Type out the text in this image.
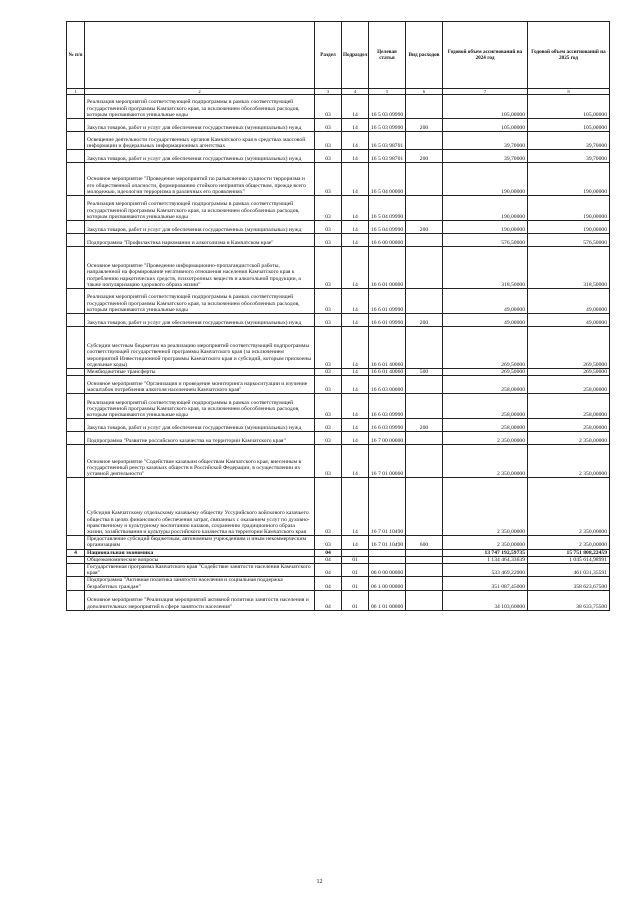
№ п/п		Раздел	Подраздел	Целевая статья	Вид расходов	Годовой объем ассигнований на 2024 год	Годовой объем ассигнований на 2025 год
1	2	3	4	5	6	7	8
	Реализация мероприятий соответствующей подпрограммы в рамках соответствующей государственной программы Камчатского края, за исключением обособленных расходов, которым присваиваются уникальные коды	03	14	16 5 03 09990		105,00000	105,00000
	Закупка товаров, работ и услуг для обеспечения государственных (муниципальных) нужд	03	14	16 5 03 09990	200	105,00000	105,00000
	Освещение деятельности государственных органов Камчатского края в средствах массовой информации и федеральных информационных агентствах	03	14	16 5 03 98701		39,70000	39,70000
	Закупка товаров, работ и услуг для обеспечения государственных (муниципальных) нужд	03	14	16 5 03 98701	200	39,70000	39,70000
	Основное мероприятие "Проведение мероприятий по разъяснению сущности терроризма и его общественной опасности, формированию стойкого неприятия обществом, прежде всего молодежью, идеологии терроризма в различных его проявлениях"	03	14	16 5 04 00000		190,00000	190,00000
	Реализация мероприятий соответствующей подпрограммы в рамках соответствующей государственной программы Камчатского края, за исключением обособленных расходов, которым присваиваются уникальные коды	03	14	16 5 04 09990		190,00000	190,00000
	Закупка товаров, работ и услуг для обеспечения государственных (муниципальных) нужд	03	14	16 5 04 09990	200	190,00000	190,00000
	Подпрограмма "Профилактика наркомании и алкоголизма в Камчатском крае"	03	14	16 6 00 00000		576,50000	576,50000
	Основное мероприятие "Проведение информационно-пропагандистской работы, направленной на формирование негативного отношения населения Камчатского края к потреблению наркотических средств, психотропных веществ и алкогольной продукции, а также популяризацию здорового образа жизни"	03	14	16 6 01 00000		318,50000	318,50000
	Реализация мероприятий соответствующей подпрограммы в рамках соответствующей государственной программы Камчатского края, за исключением обособленных расходов, которым присваиваются уникальные коды	03	14	16 6 01 09990		49,00000	49,00000
	Закупка товаров, работ и услуг для обеспечения государственных (муниципальных) нужд	03	14	16 6 01 09990	200	49,00000	49,00000
	Субсидии местным бюджетам на реализацию мероприятий соответствующей подпрограммы соответствующей государственной программы Камчатского края (за исключением мероприятий Инвестиционной программы Камчатского края и субсидий, которым присвоены отдельные коды)	03	14	16 6 01 40060		269,50000	269,50000
	Межбюджетные трансферты	03	14	16 6 01 40060	500	269,50000	269,50000
	Основное мероприятие "Организация и проведение мониторинга наркоситуации и изучение масштабов потребления алкоголя населением Камчатского края"	03	14	16 6 03 00000		258,00000	258,00000
	Реализация мероприятий соответствующей подпрограммы в рамках соответствующей государственной программы Камчатского края, за исключением обособленных расходов, которым присваиваются уникальные коды	03	14	16 6 03 09990		258,00000	258,00000
	Закупка товаров, работ и услуг для обеспечения государственных (муниципальных) нужд	03	14	16 6 03 09990	200	258,00000	258,00000
	Подпрограмма "Развитие российского казачества на территории Камчатского края"	03	14	16 7 00 00000		2 350,00000	2 350,00000
	Основное мероприятие "Содействие казачьим обществам Камчатского края, внесенным в государственный реестр казачьих обществ в Российской Федерации, в осуществлении их уставной деятельности"	03	14	16 7 01 00000		2 350,00000	2 350,00000
	Субсидия Камчатскому отдельскому казачьему обществу Уссурийского войскового казачьего общества в целях финансового обеспечения затрат, связанных с оказанием услуг по духовно-нравственному и культурному воспитанию казаков, сохранению традиционного образа жизни, хозяйствования и культуры российского казачества на территории Камчатского края	03	14	16 7 01 10490		2 350,00000	2 350,00000
	Предоставление субсидий бюджетным, автономным учреждениям и иным некоммерческим организациям	03	14	16 7 01 10490	600	2 350,00000	2 350,00000
4	Национальная экономика	04				13 747 192,59735	15 751 808,22459
	Общеэкономические вопросы	04	01			1 134 464,33639	1 045 614,98991
	Государственная программа Камчатского края "Содействие занятости населения Камчатского края"	04	01	06 0 00 00000		533 469,22000	461 031,35591
	Подпрограмма "Активная политика занятости населения и социальная поддержка безработных граждан"	04	01	06 1 00 00000		351 087,45000	358 623,67500
	Основное мероприятие "Реализация мероприятий активной политики занятости населения и дополнительных мероприятий в сфере занятости населения"	04	01	06 1 01 00000		34 103,60000	38 633,75500
12
